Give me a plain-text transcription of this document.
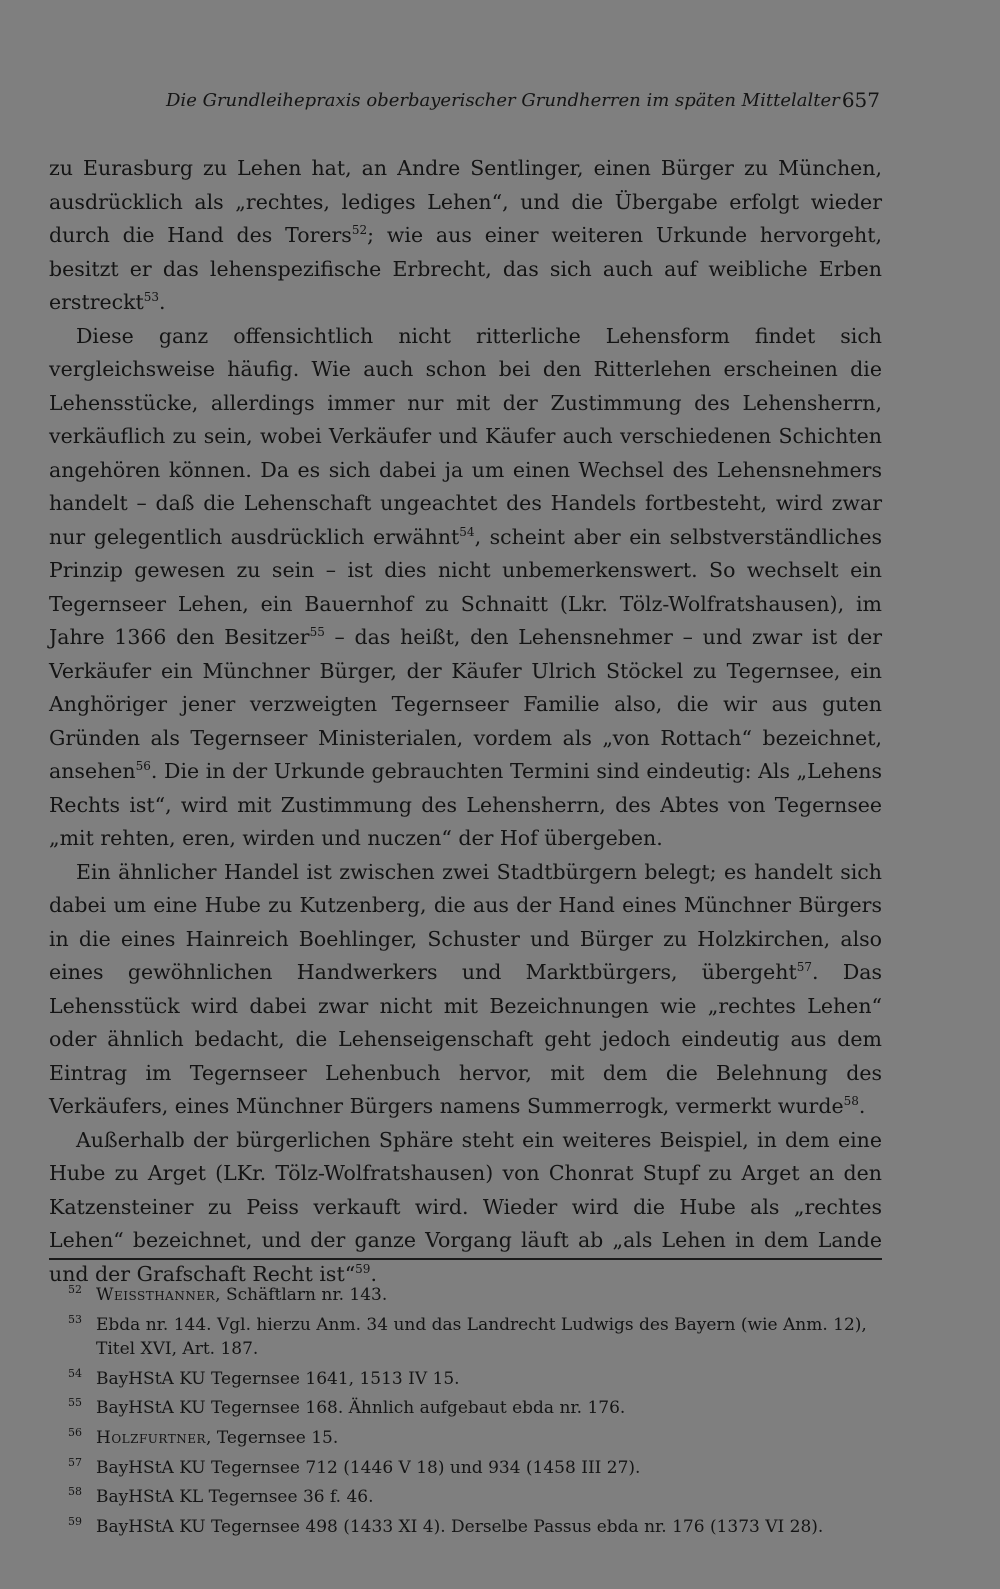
Die Grundleihepraxis oberbayerischer Grundherren im späten Mittelalter 657

zu Eurasburg zu Lehen hat, an Andre Sentlinger, einen Bürger zu München, ausdrücklich als „rechtes, lediges Lehen“, und die Übergabe erfolgt wieder durch die Hand des Torers$^{52}$; wie aus einer weiteren Urkunde hervorgeht, besitzt er das lehenspezifische Erbrecht, das sich auch auf weibliche Erben erstreckt$^{53}$.

Diese ganz offensichtlich nicht ritterliche Lehensform findet sich vergleichsweise häufig. Wie auch schon bei den Ritterlehen erscheinen die Lehensstücke, allerdings immer nur mit der Zustimmung des Lehensherrn, verkäuflich zu sein, wobei Verkäufer und Käufer auch verschiedenen Schichten angehören können. Da es sich dabei ja um einen Wechsel des Lehensnehmers handelt – daß die Lehenschaft ungeachtet des Handels fortbesteht, wird zwar nur gelegentlich ausdrücklich erwähnt$^{54}$, scheint aber ein selbstverständliches Prinzip gewesen zu sein – ist dies nicht unbemerkenswert. So wechselt ein Tegernseer Lehen, ein Bauernhof zu Schnaitt (Lkr. Tölz-Wolfratshausen), im Jahre 1366 den Besitzer$^{55}$ – das heißt, den Lehensnehmer – und zwar ist der Verkäufer ein Münchner Bürger, der Käufer Ulrich Stöckel zu Tegernsee, ein Anghöriger jener verzweigten Tegernseer Familie also, die wir aus guten Gründen als Tegernseer Ministerialen, vordem als „von Rottach“ bezeichnet, ansehen$^{56}$. Die in der Urkunde gebrauchten Termini sind eindeutig: Als „Lehens Rechts ist“, wird mit Zustimmung des Lehensherrn, des Abtes von Tegernsee „mit rehten, eren, wirden und nuczen“ der Hof übergeben.

Ein ähnlicher Handel ist zwischen zwei Stadtbürgern belegt; es handelt sich dabei um eine Hube zu Kutzenberg, die aus der Hand eines Münchner Bürgers in die eines Hainreich Boehlinger, Schuster und Bürger zu Holzkirchen, also eines gewöhnlichen Handwerkers und Marktbürgers, übergeht$^{57}$. Das Lehensstück wird dabei zwar nicht mit Bezeichnungen wie „rechtes Lehen“ oder ähnlich bedacht, die Lehenseigenschaft geht jedoch eindeutig aus dem Eintrag im Tegernseer Lehenbuch hervor, mit dem die Belehnung des Verkäufers, eines Münchner Bürgers namens Summerrogk, vermerkt wurde$^{58}$.

Außerhalb der bürgerlichen Sphäre steht ein weiteres Beispiel, in dem eine Hube zu Arget (LKr. Tölz-Wolfratshausen) von Chonrat Stupf zu Arget an den Katzensteiner zu Peiss verkauft wird. Wieder wird die Hube als „rechtes Lehen“ bezeichnet, und der ganze Vorgang läuft ab „als Lehen in dem Lande und der Grafschaft Recht ist“$^{59}$.

52 Weissthanner, Schäftlarn nr. 143.

53 Ebda nr. 144. Vgl. hierzu Anm. 34 und das Landrecht Ludwigs des Bayern (wie Anm. 12), Titel XVI, Art. 187.

54 BayHStA KU Tegernsee 1641, 1513 IV 15.

55 BayHStA KU Tegernsee 168. Ähnlich aufgebaut ebda nr. 176.

56 Holzfurtner, Tegernsee 15.

57 BayHStA KU Tegernsee 712 (1446 V 18) und 934 (1458 III 27).

58 BayHStA KL Tegernsee 36 f. 46.

59 BayHStA KU Tegernsee 498 (1433 XI 4). Derselbe Passus ebda nr. 176 (1373 VI 28).
